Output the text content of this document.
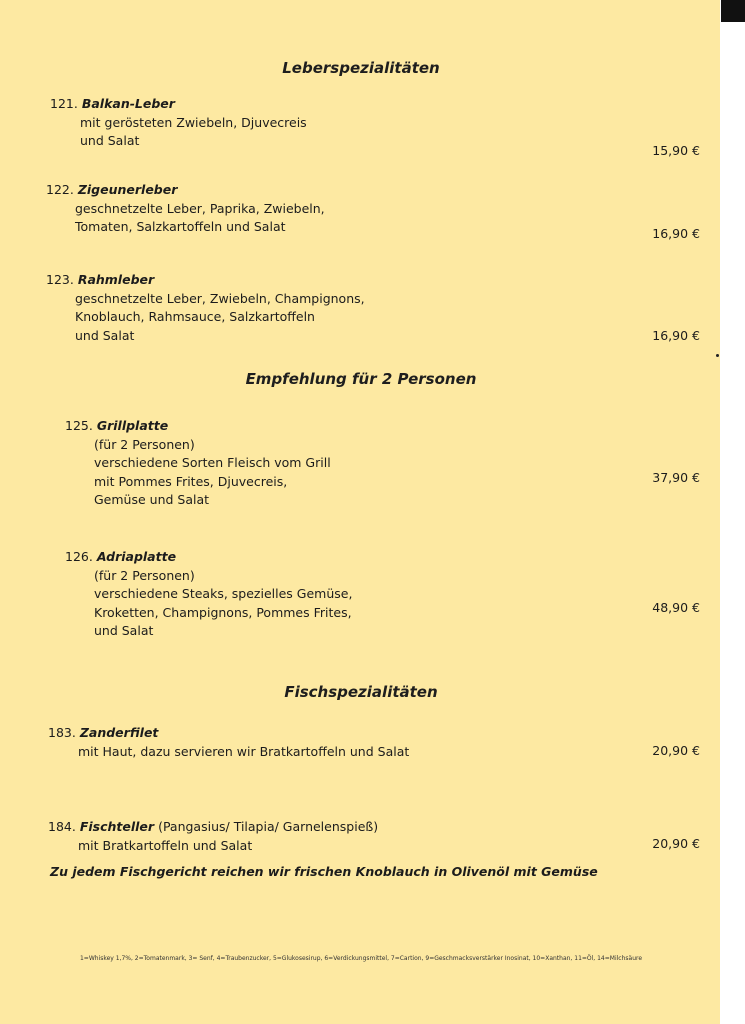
Leberspezialitäten
121. Balkan-Leber
mit gerösteten Zwiebeln, Djuvecreis
und Salat
15,90 €
122. Zigeunerleber
geschnetzelte Leber, Paprika, Zwiebeln,
Tomaten, Salzkartoffeln und Salat	16,90 €
123. Rahmleber
geschnetzelte Leber, Zwiebeln, Champignons,
Knoblauch, Rahmsauce, Salzkartoffeln
und Salat	16,90 €
Empfehlung für 2 Personen
125. Grillplatte
(für 2 Personen)
verschiedene Sorten Fleisch vom Grill
mit Pommes Frites, Djuvecreis,
Gemüse und Salat
37,90 €
126. Adriaplatte
(für 2 Personen)
verschiedene Steaks, spezielles Gemüse,
Kroketten, Champignons, Pommes Frites,
und Salat
48,90 €
Fischspezialitäten
183. Zanderfilet
mit Haut, dazu servieren wir Bratkartoffeln und Salat	20,90 €
184. Fischteller (Pangasius/ Tilapia/ Garnelenspieß)
mit Bratkartoffeln und Salat	20,90 €
Zu jedem Fischgericht reichen wir frischen Knoblauch in Olivenöl mit Gemüse
1=Whiskey 1,7%, 2=Tomatenmark, 3= Senf, 4=Traubenzucker, 5=Glukosesirup, 6=Verdickungsmittel, 7=Cartion, 9=Geschmacksverstärker Inosinat, 10=Xanthan, 11=Öl, 14=Milchsäure
